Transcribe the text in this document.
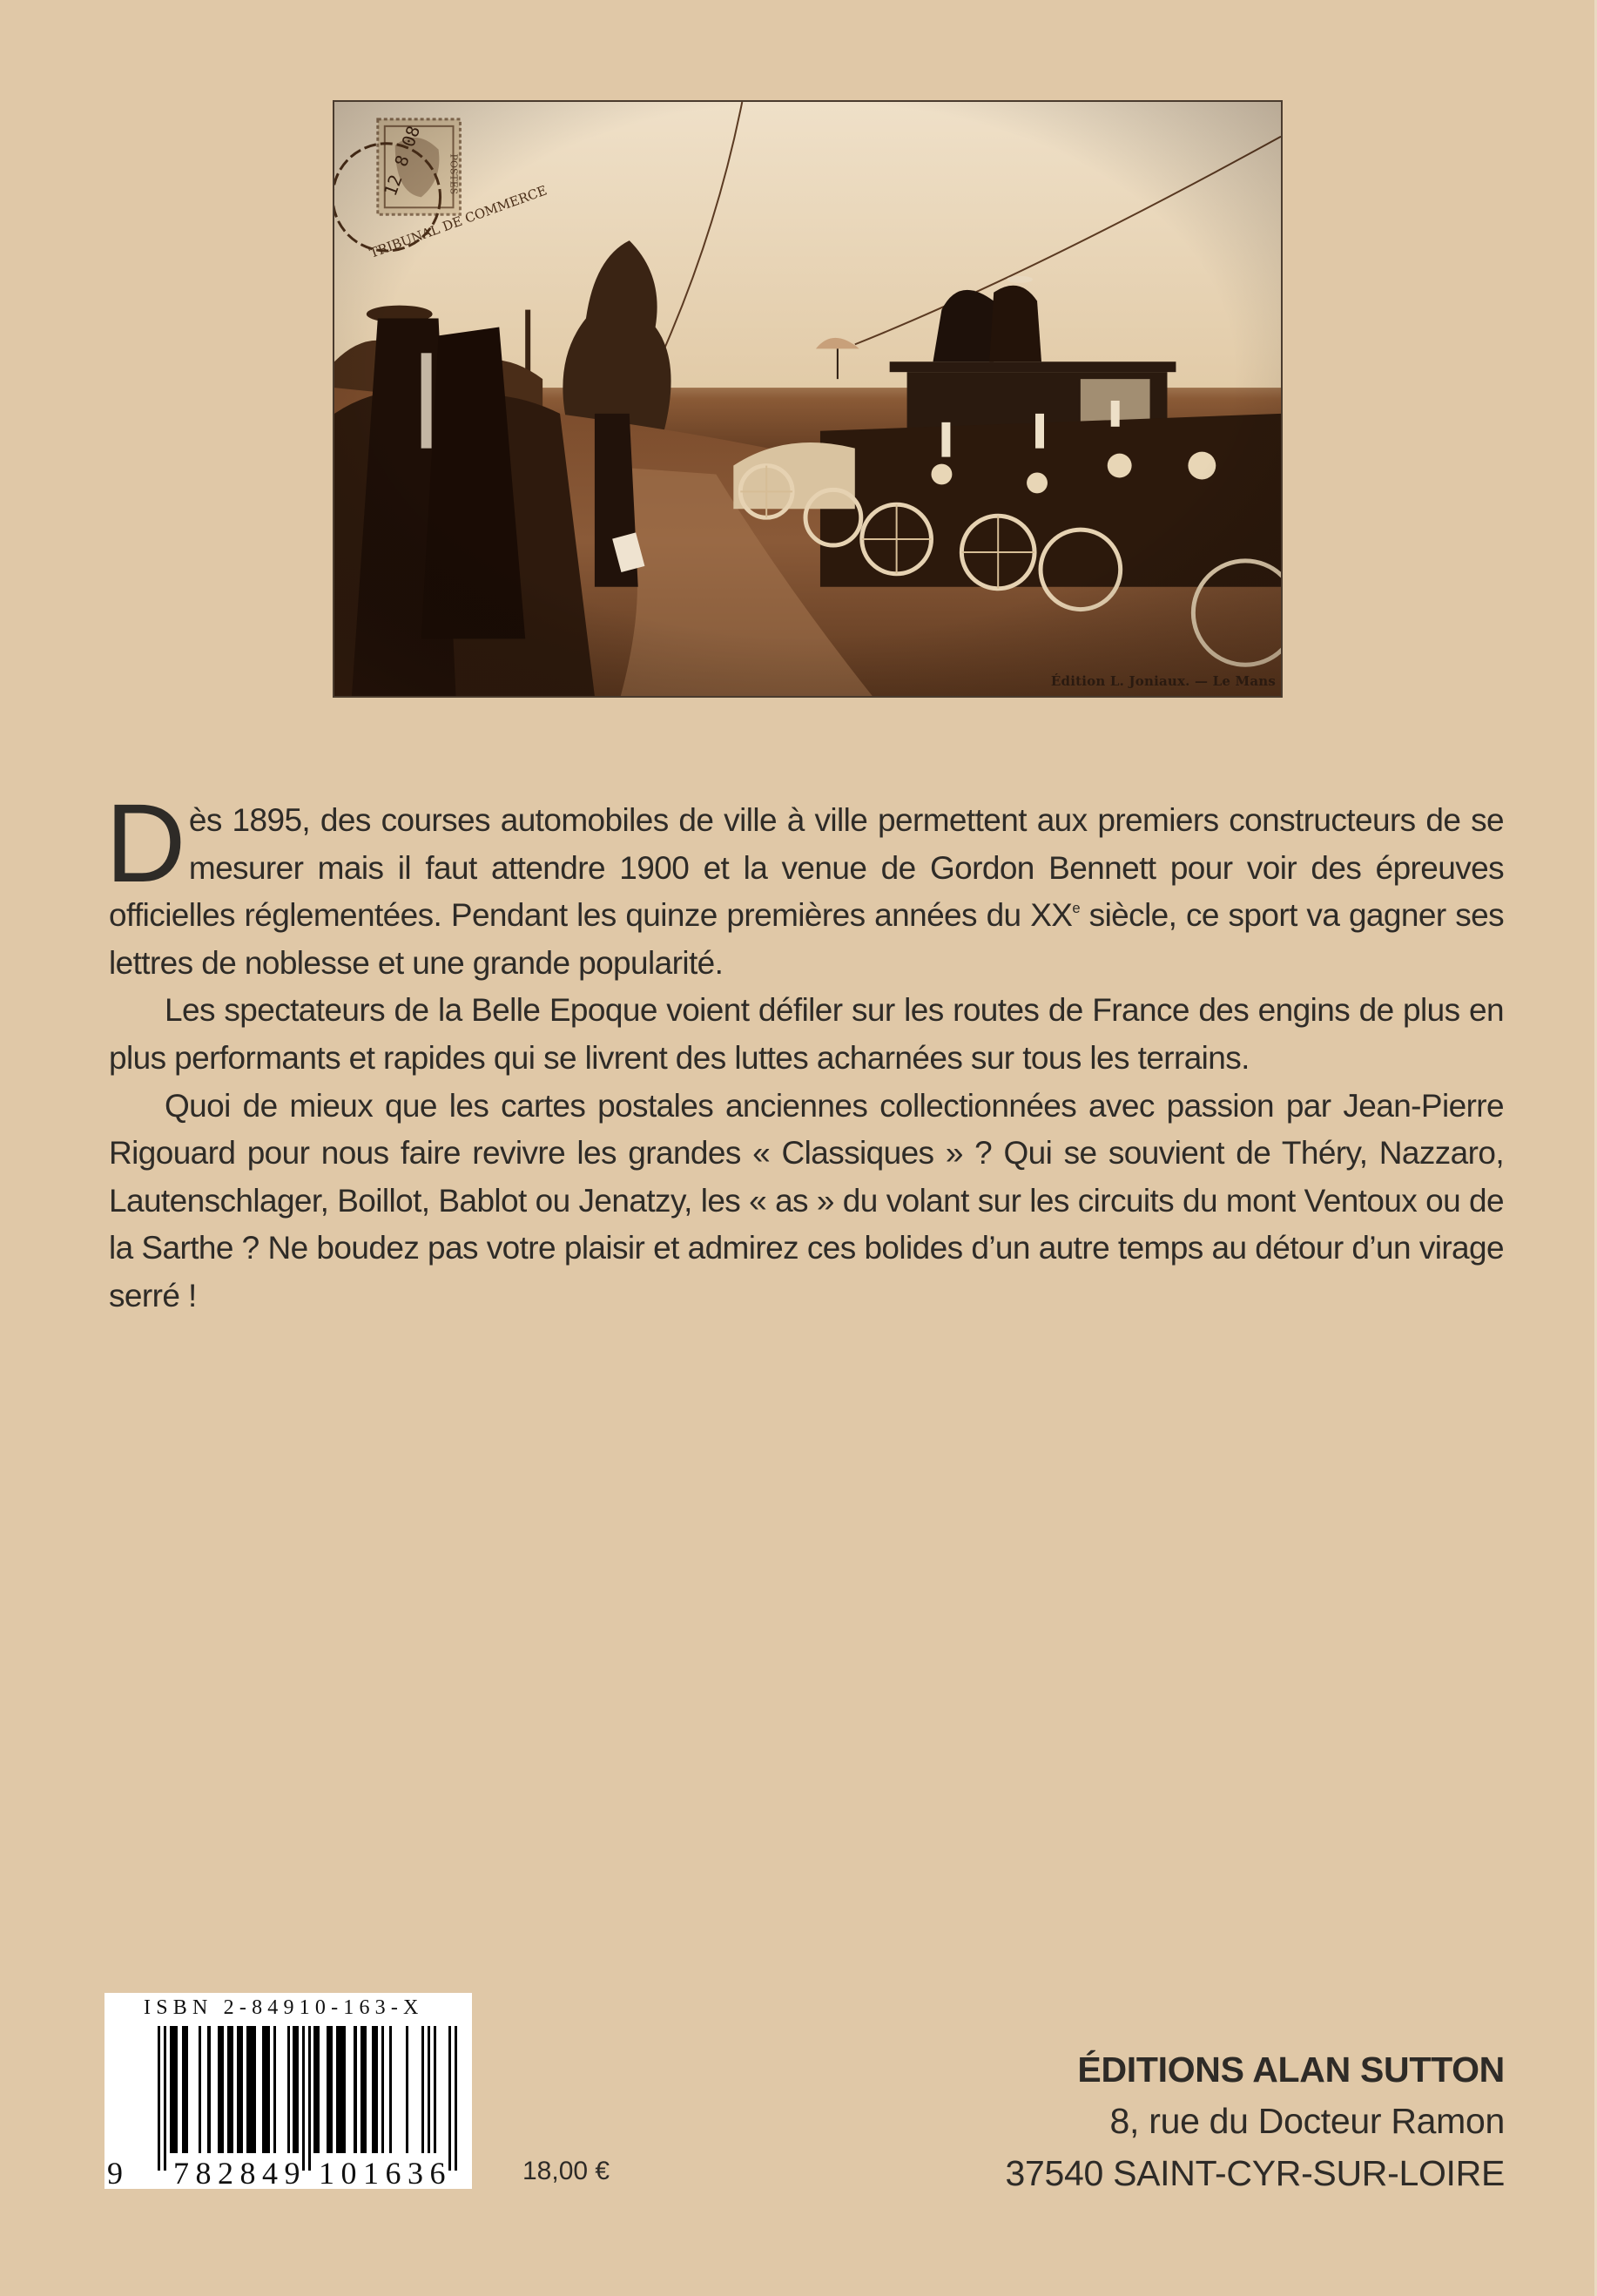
Édition L. Joniaux. — Le Mans

Dès 1895, des courses automobiles de ville à ville permettent aux premiers constructeurs de se mesurer mais il faut attendre 1900 et la venue de Gordon Bennett pour voir des épreuves officielles réglementées. Pendant les quinze premières années du XXe siècle, ce sport va gagner ses lettres de noblesse et une grande popularité.

Les spectateurs de la Belle Epoque voient défiler sur les routes de France des engins de plus en plus performants et rapides qui se livrent des luttes acharnées sur tous les terrains.

Quoi de mieux que les cartes postales anciennes collectionnées avec passion par Jean-Pierre Rigouard pour nous faire revivre les grandes « Classiques » ? Qui se souvient de Théry, Nazzaro, Lautenschlager, Boillot, Bablot ou Jenatzy, les « as » du volant sur les circuits du mont Ventoux ou de la Sarthe ? Ne boudez pas votre plaisir et admirez ces bolides d’un autre temps au détour d’un virage serré !

ISBN 2-84910-163-X
9 782849 101636	18,00 €
ÉDITIONS ALAN SUTTON
8, rue du Docteur Ramon
37540 SAINT-CYR-SUR-LOIRE
